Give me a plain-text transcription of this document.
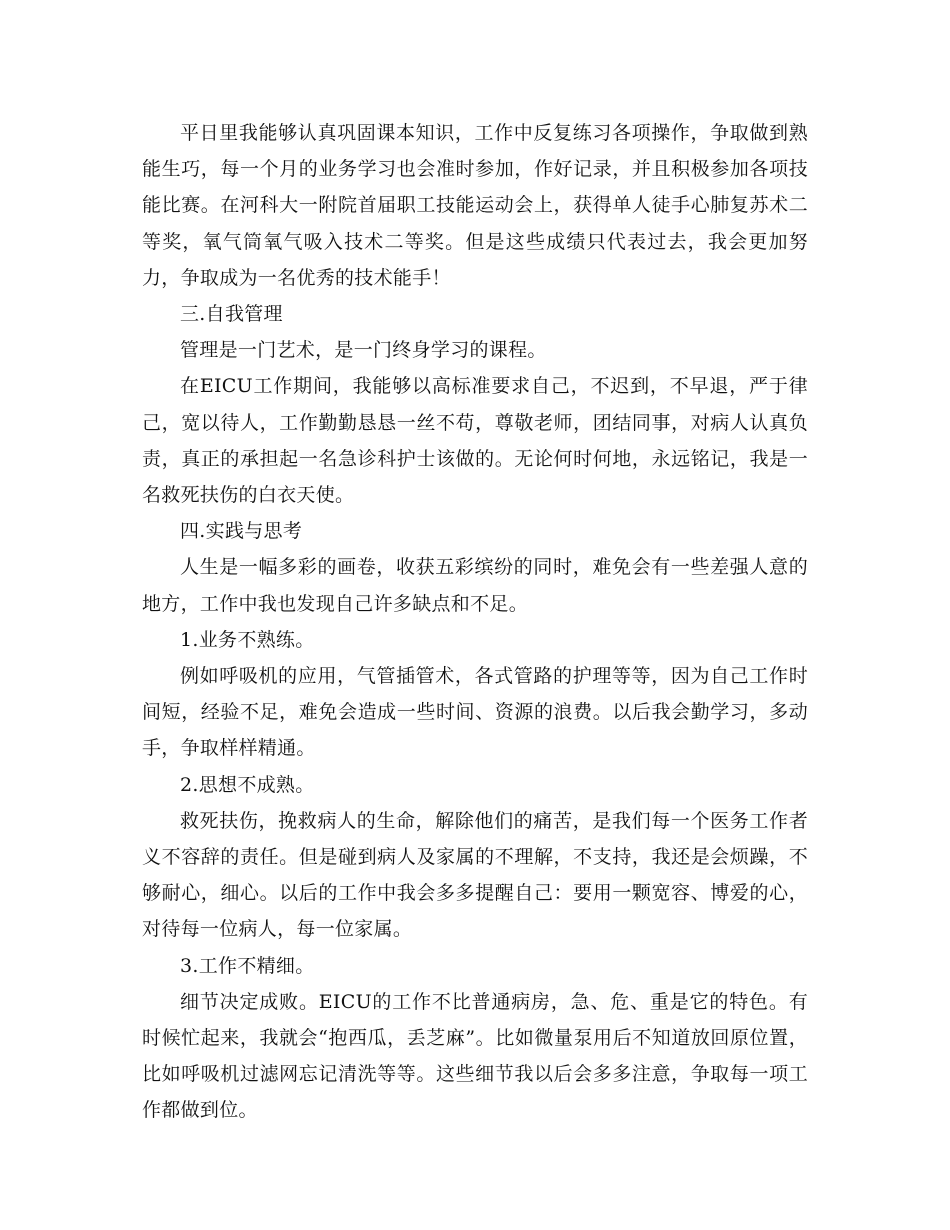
平日里我能够认真巩固课本知识，工作中反复练习各项操作，争取做到熟能生巧，每一个月的业务学习也会准时参加，作好记录，并且积极参加各项技能比赛。在河科大一附院首届职工技能运动会上，获得单人徒手心肺复苏术二等奖，氧气筒氧气吸入技术二等奖。但是这些成绩只代表过去，我会更加努力，争取成为一名优秀的技术能手！

三.自我管理

管理是一门艺术，是一门终身学习的课程。

在EICU工作期间，我能够以高标准要求自己，不迟到，不早退，严于律己，宽以待人，工作勤勤恳恳一丝不苟，尊敬老师，团结同事，对病人认真负责，真正的承担起一名急诊科护士该做的。无论何时何地，永远铭记，我是一名救死扶伤的白衣天使。

四.实践与思考

人生是一幅多彩的画卷，收获五彩缤纷的同时，难免会有一些差强人意的地方，工作中我也发现自己许多缺点和不足。

1.业务不熟练。

例如呼吸机的应用，气管插管术，各式管路的护理等等，因为自己工作时间短，经验不足，难免会造成一些时间、资源的浪费。以后我会勤学习，多动手，争取样样精通。

2.思想不成熟。

救死扶伤，挽救病人的生命，解除他们的痛苦，是我们每一个医务工作者义不容辞的责任。但是碰到病人及家属的不理解，不支持，我还是会烦躁，不够耐心，细心。以后的工作中我会多多提醒自己：要用一颗宽容、博爱的心，对待每一位病人，每一位家属。

3.工作不精细。

细节决定成败。EICU的工作不比普通病房，急、危、重是它的特色。有时候忙起来，我就会“抱西瓜，丢芝麻”。比如微量泵用后不知道放回原位置，比如呼吸机过滤网忘记清洗等等。这些细节我以后会多多注意，争取每一项工作都做到位。
